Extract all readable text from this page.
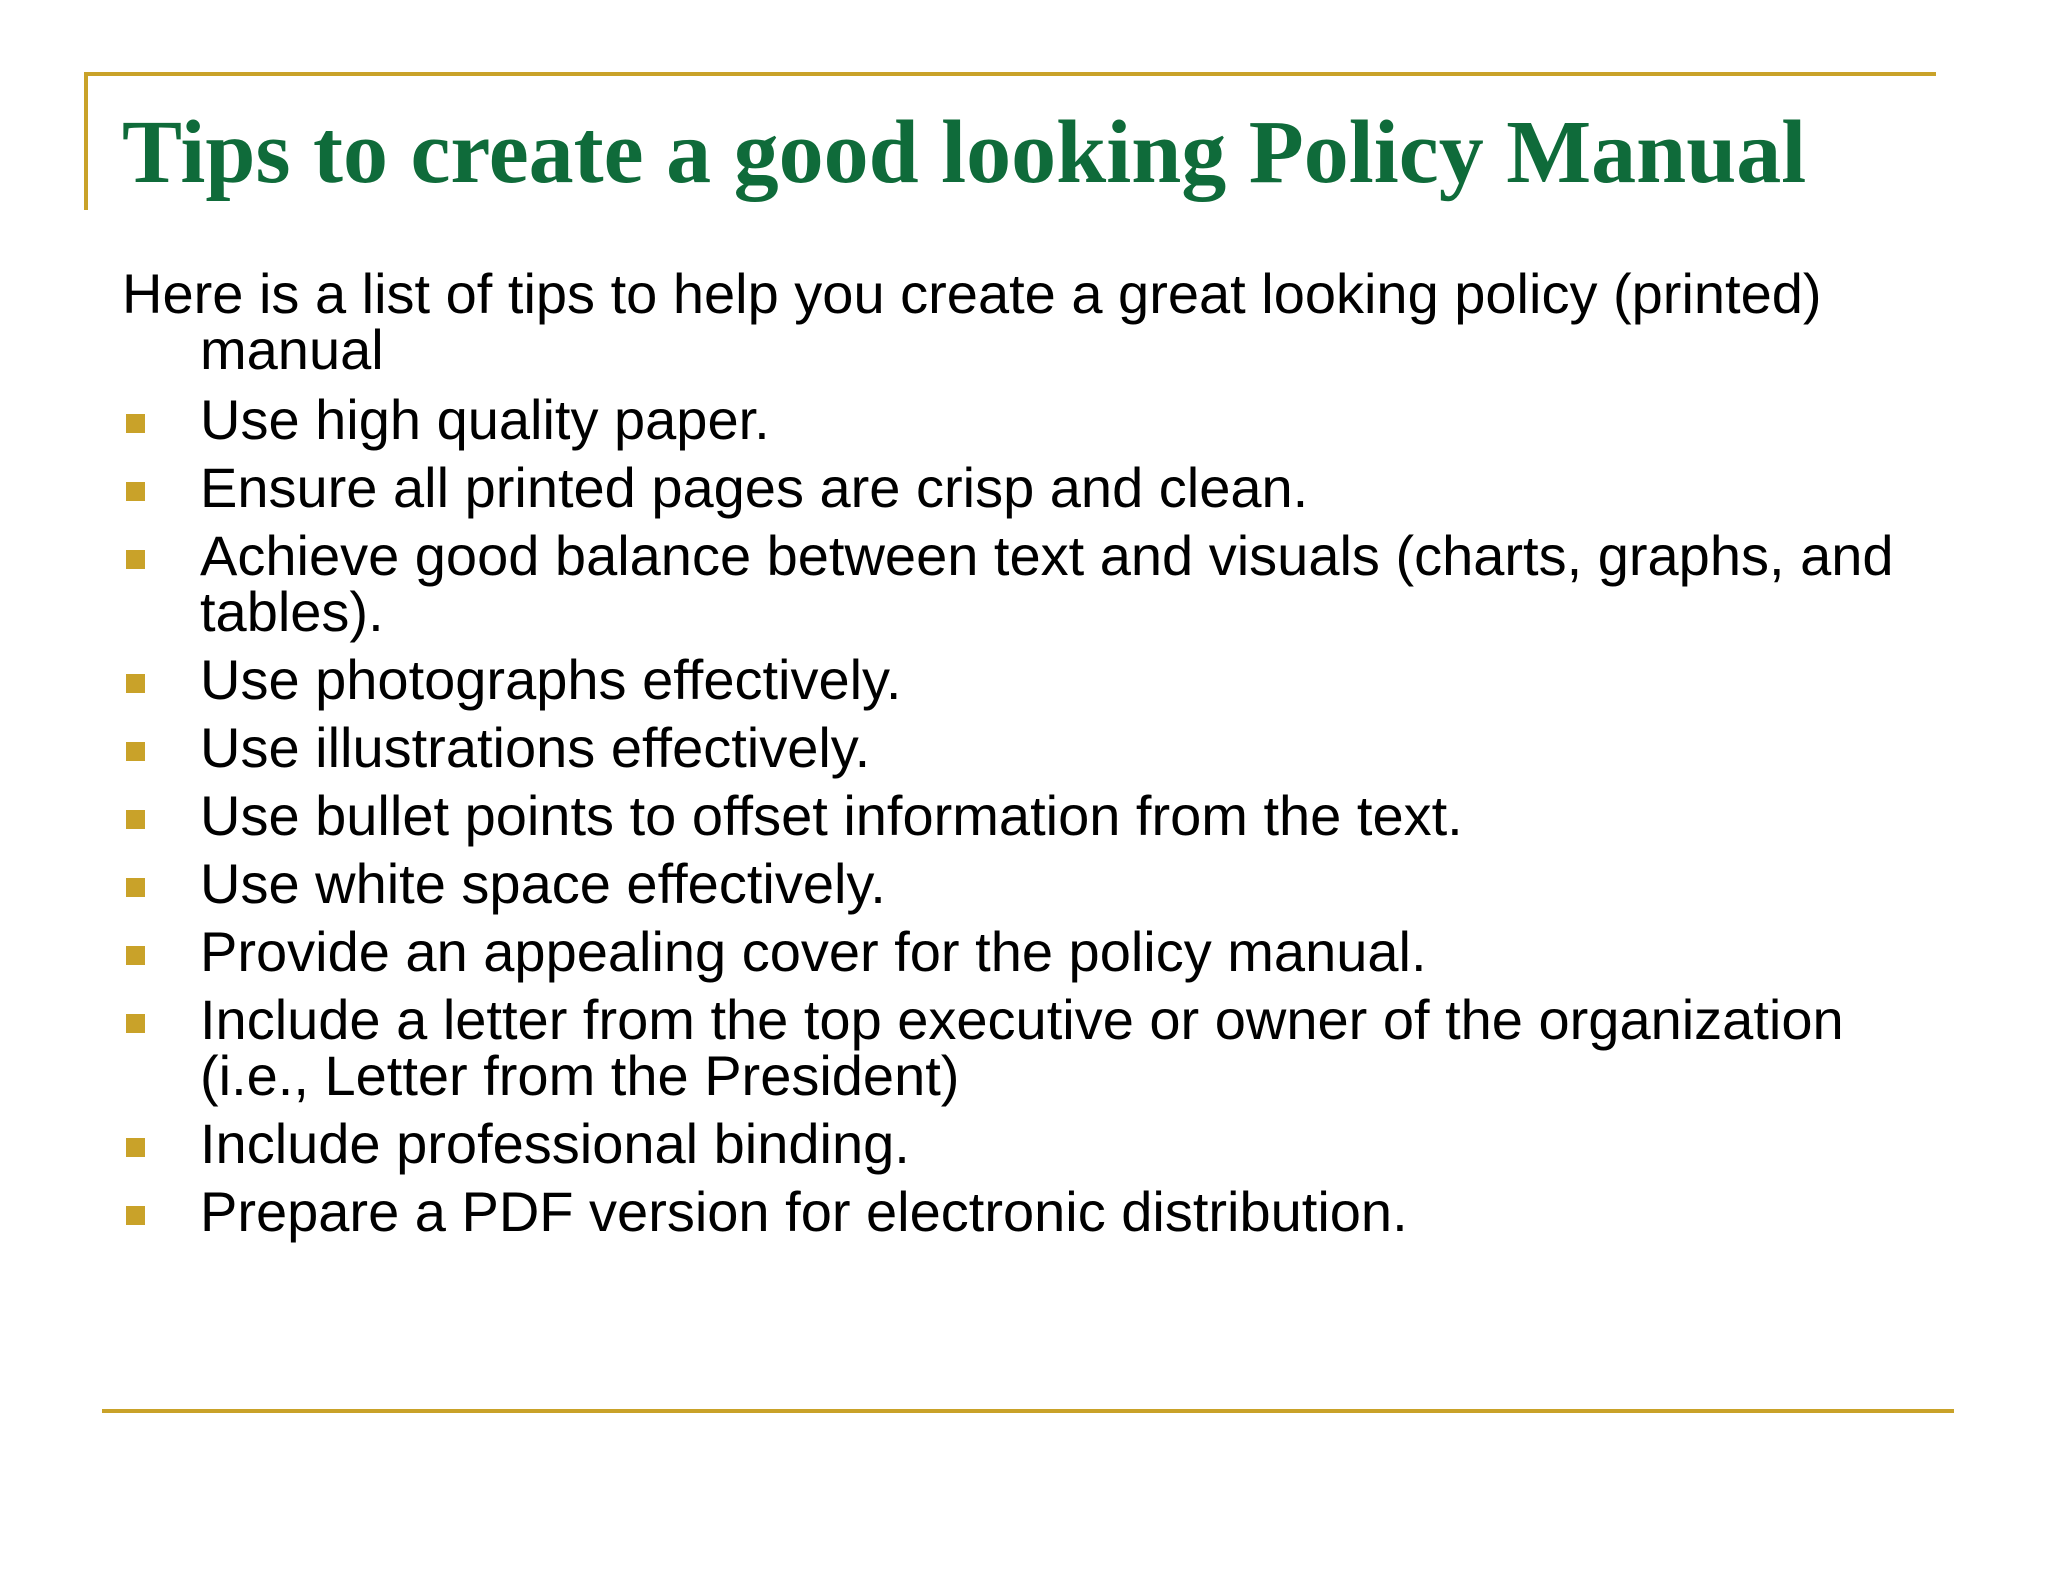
Tips to create a good looking Policy Manual

Here is a list of tips to help you create a great looking policy (printed) manual

Use high quality paper.
Ensure all printed pages are crisp and clean.
Achieve good balance between text and visuals (charts, graphs, and tables).
Use photographs effectively.
Use illustrations effectively.
Use bullet points to offset information from the text.
Use white space effectively.
Provide an appealing cover for the policy manual.
Include a letter from the top executive or owner of the organization (i.e., Letter from the President)
Include professional binding.
Prepare a PDF version for electronic distribution.
